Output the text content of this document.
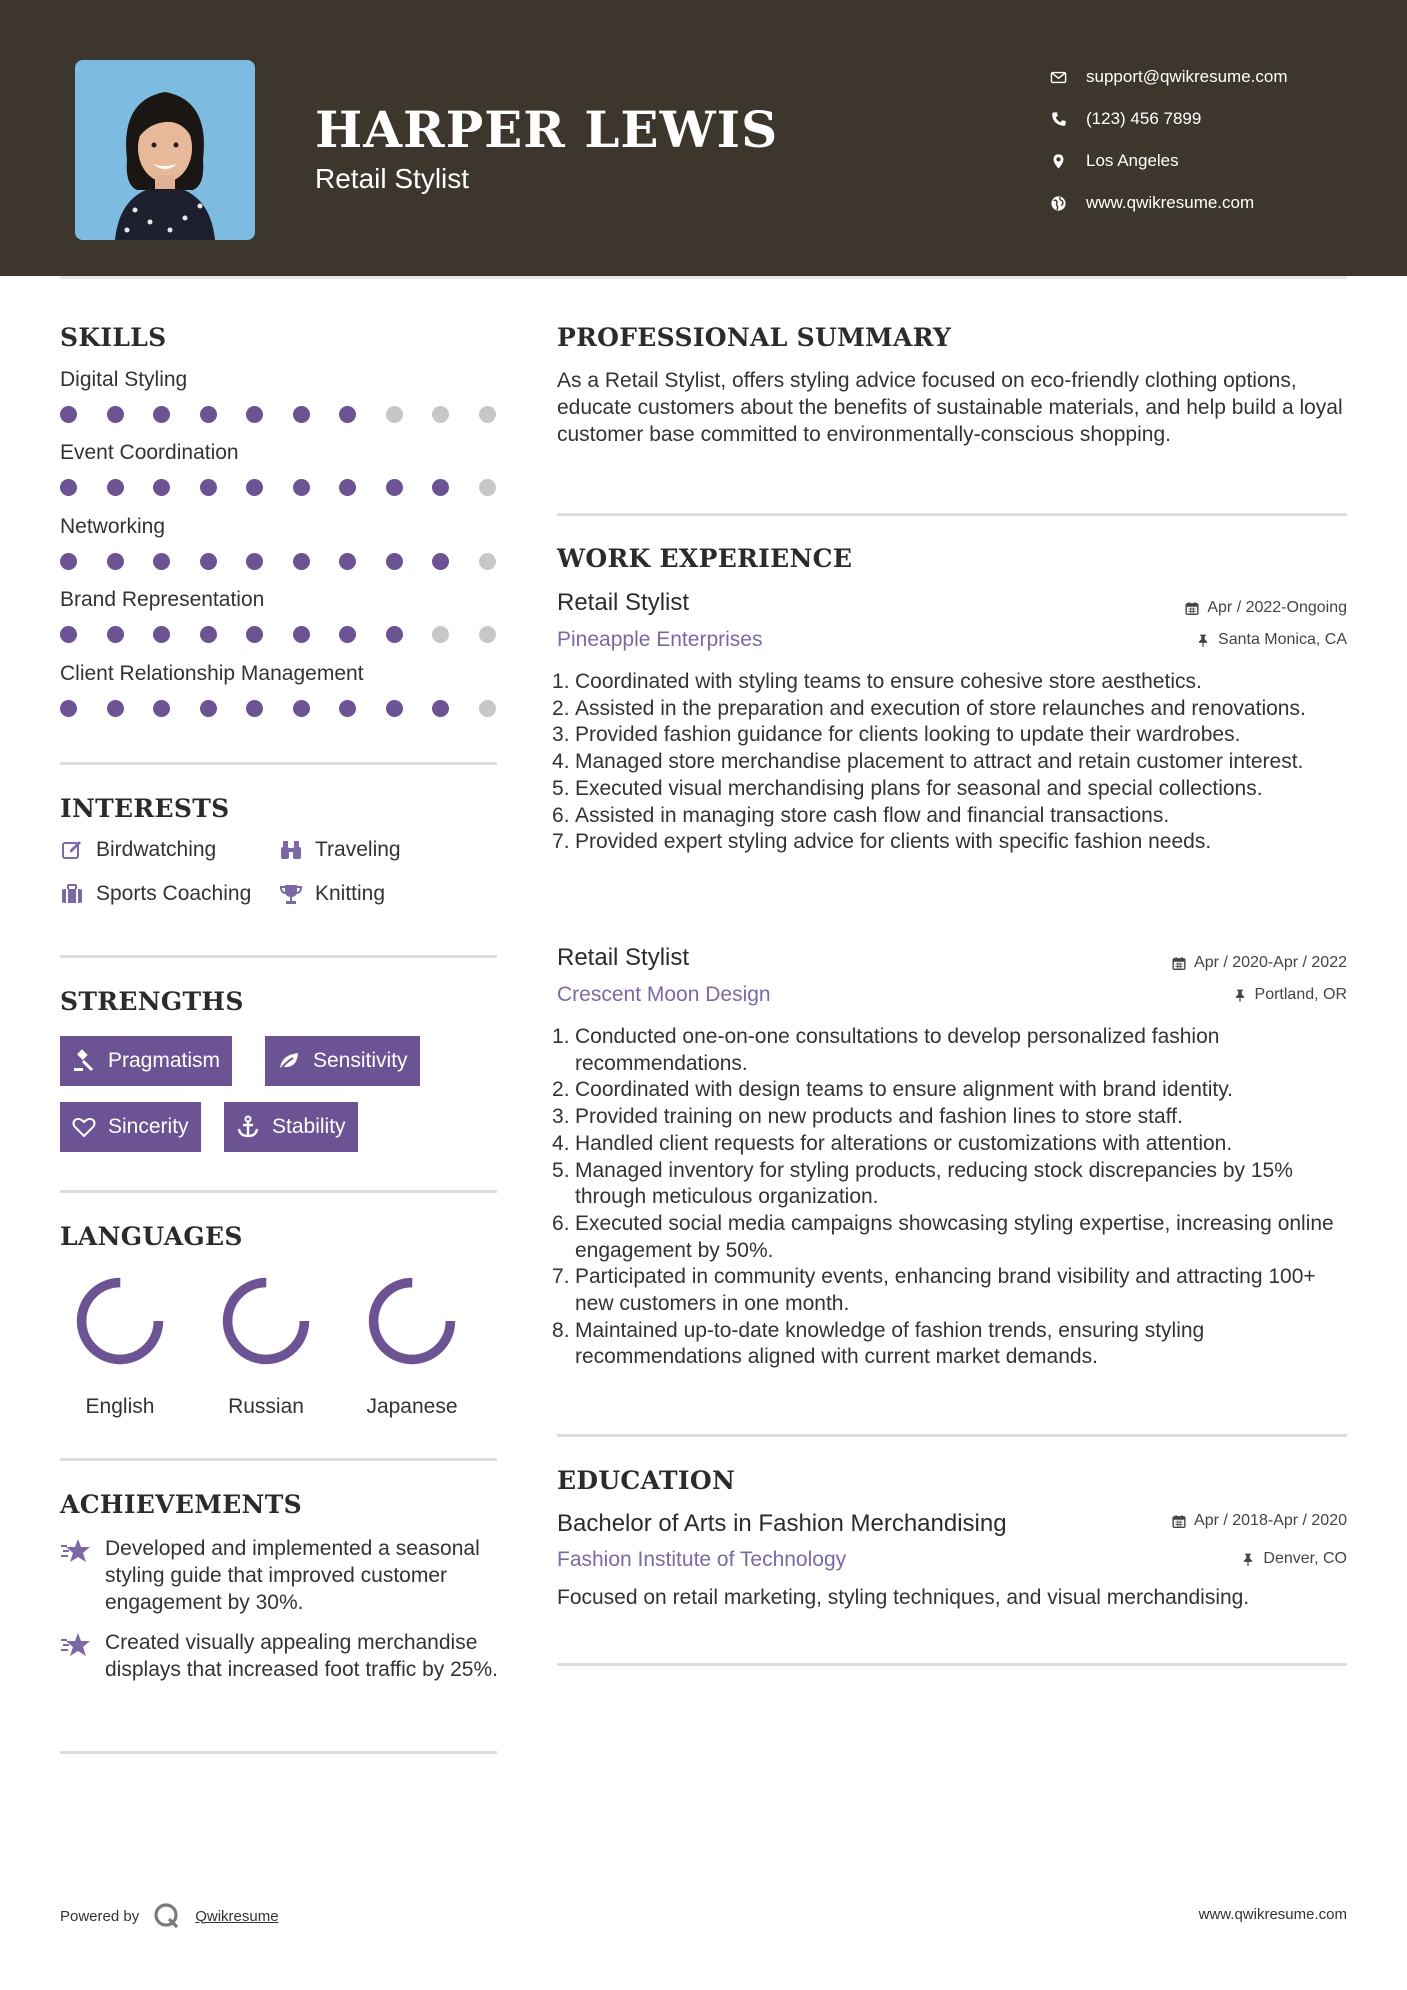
HARPER LEWIS
Retail Stylist
support@qwikresume.com
(123) 456 7899
Los Angeles
www.qwikresume.com
SKILLS
Digital Styling
Event Coordination
Networking
Brand Representation
Client Relationship Management
INTERESTS
Birdwatching	Traveling
Sports Coaching	Knitting
STRENGTHS
Pragmatism	Sensitivity
Sincerity	Stability
LANGUAGES
English	Russian	Japanese
ACHIEVEMENTS
Developed and implemented a seasonal styling guide that improved customer engagement by 30%.
Created visually appealing merchandise displays that increased foot traffic by 25%.
PROFESSIONAL SUMMARY
As a Retail Stylist, offers styling advice focused on eco-friendly clothing options, educate customers about the benefits of sustainable materials, and help build a loyal customer base committed to environmentally-conscious shopping.
WORK EXPERIENCE
Retail Stylist	Apr / 2022-Ongoing
Pineapple Enterprises	Santa Monica, CA
Coordinated with styling teams to ensure cohesive store aesthetics.
Assisted in the preparation and execution of store relaunches and renovations.
Provided fashion guidance for clients looking to update their wardrobes.
Managed store merchandise placement to attract and retain customer interest.
Executed visual merchandising plans for seasonal and special collections.
Assisted in managing store cash flow and financial transactions.
Provided expert styling advice for clients with specific fashion needs.
Retail Stylist	Apr / 2020-Apr / 2022
Crescent Moon Design	Portland, OR
Conducted one-on-one consultations to develop personalized fashion recommendations.
Coordinated with design teams to ensure alignment with brand identity.
Provided training on new products and fashion lines to store staff.
Handled client requests for alterations or customizations with attention.
Managed inventory for styling products, reducing stock discrepancies by 15% through meticulous organization.
Executed social media campaigns showcasing styling expertise, increasing online engagement by 50%.
Participated in community events, enhancing brand visibility and attracting 100+ new customers in one month.
Maintained up-to-date knowledge of fashion trends, ensuring styling recommendations aligned with current market demands.
EDUCATION
Bachelor of Arts in Fashion Merchandising	Apr / 2018-Apr / 2020
Fashion Institute of Technology	Denver, CO
Focused on retail marketing, styling techniques, and visual merchandising.
Powered by	Qwikresume	www.qwikresume.com
